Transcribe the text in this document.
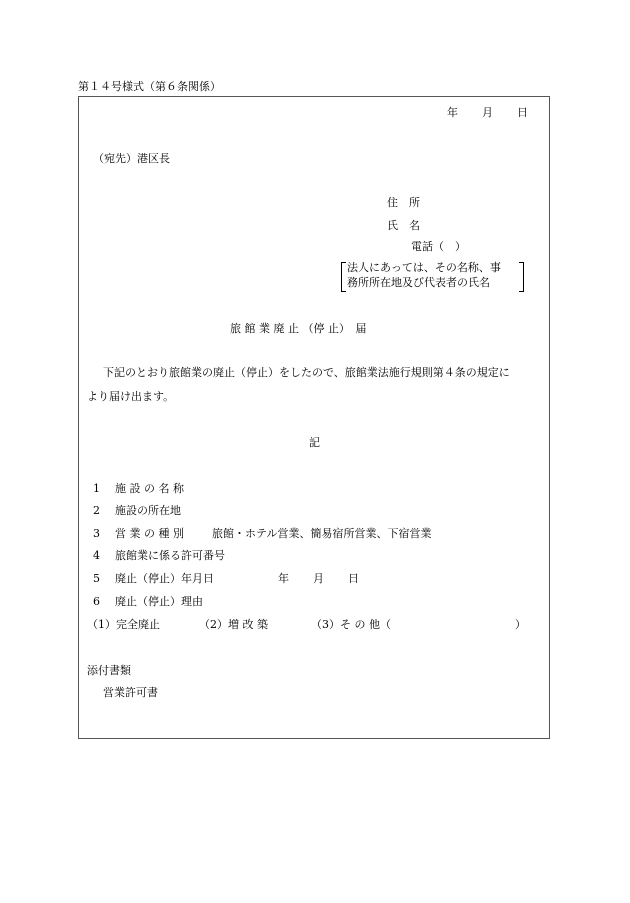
第１４号様式（第６条関係）
年 月 日
（宛先）港区長
住　所
氏　名
電話（　）
法人にあっては、その名称、事
務所所在地及び代表者の氏名
旅 館 業 廃 止 （停 止）　届
下記のとおり旅館業の廃止（停止）をしたので、旅館業法施行規則第４条の規定に
より届け出ます。
記
1 施 設 の 名 称
2 施設の所在地
3 営 業 の 種 別	旅館・ホテル営業、簡易宿所営業、下宿営業
4 旅館業に係る許可番号
5 廃止（停止）年月日	年 月 日
6 廃止（停止）理由
（1）完全廃止	（2）増 改 築	（3）そ の 他（	）
添付書類
営業許可書
